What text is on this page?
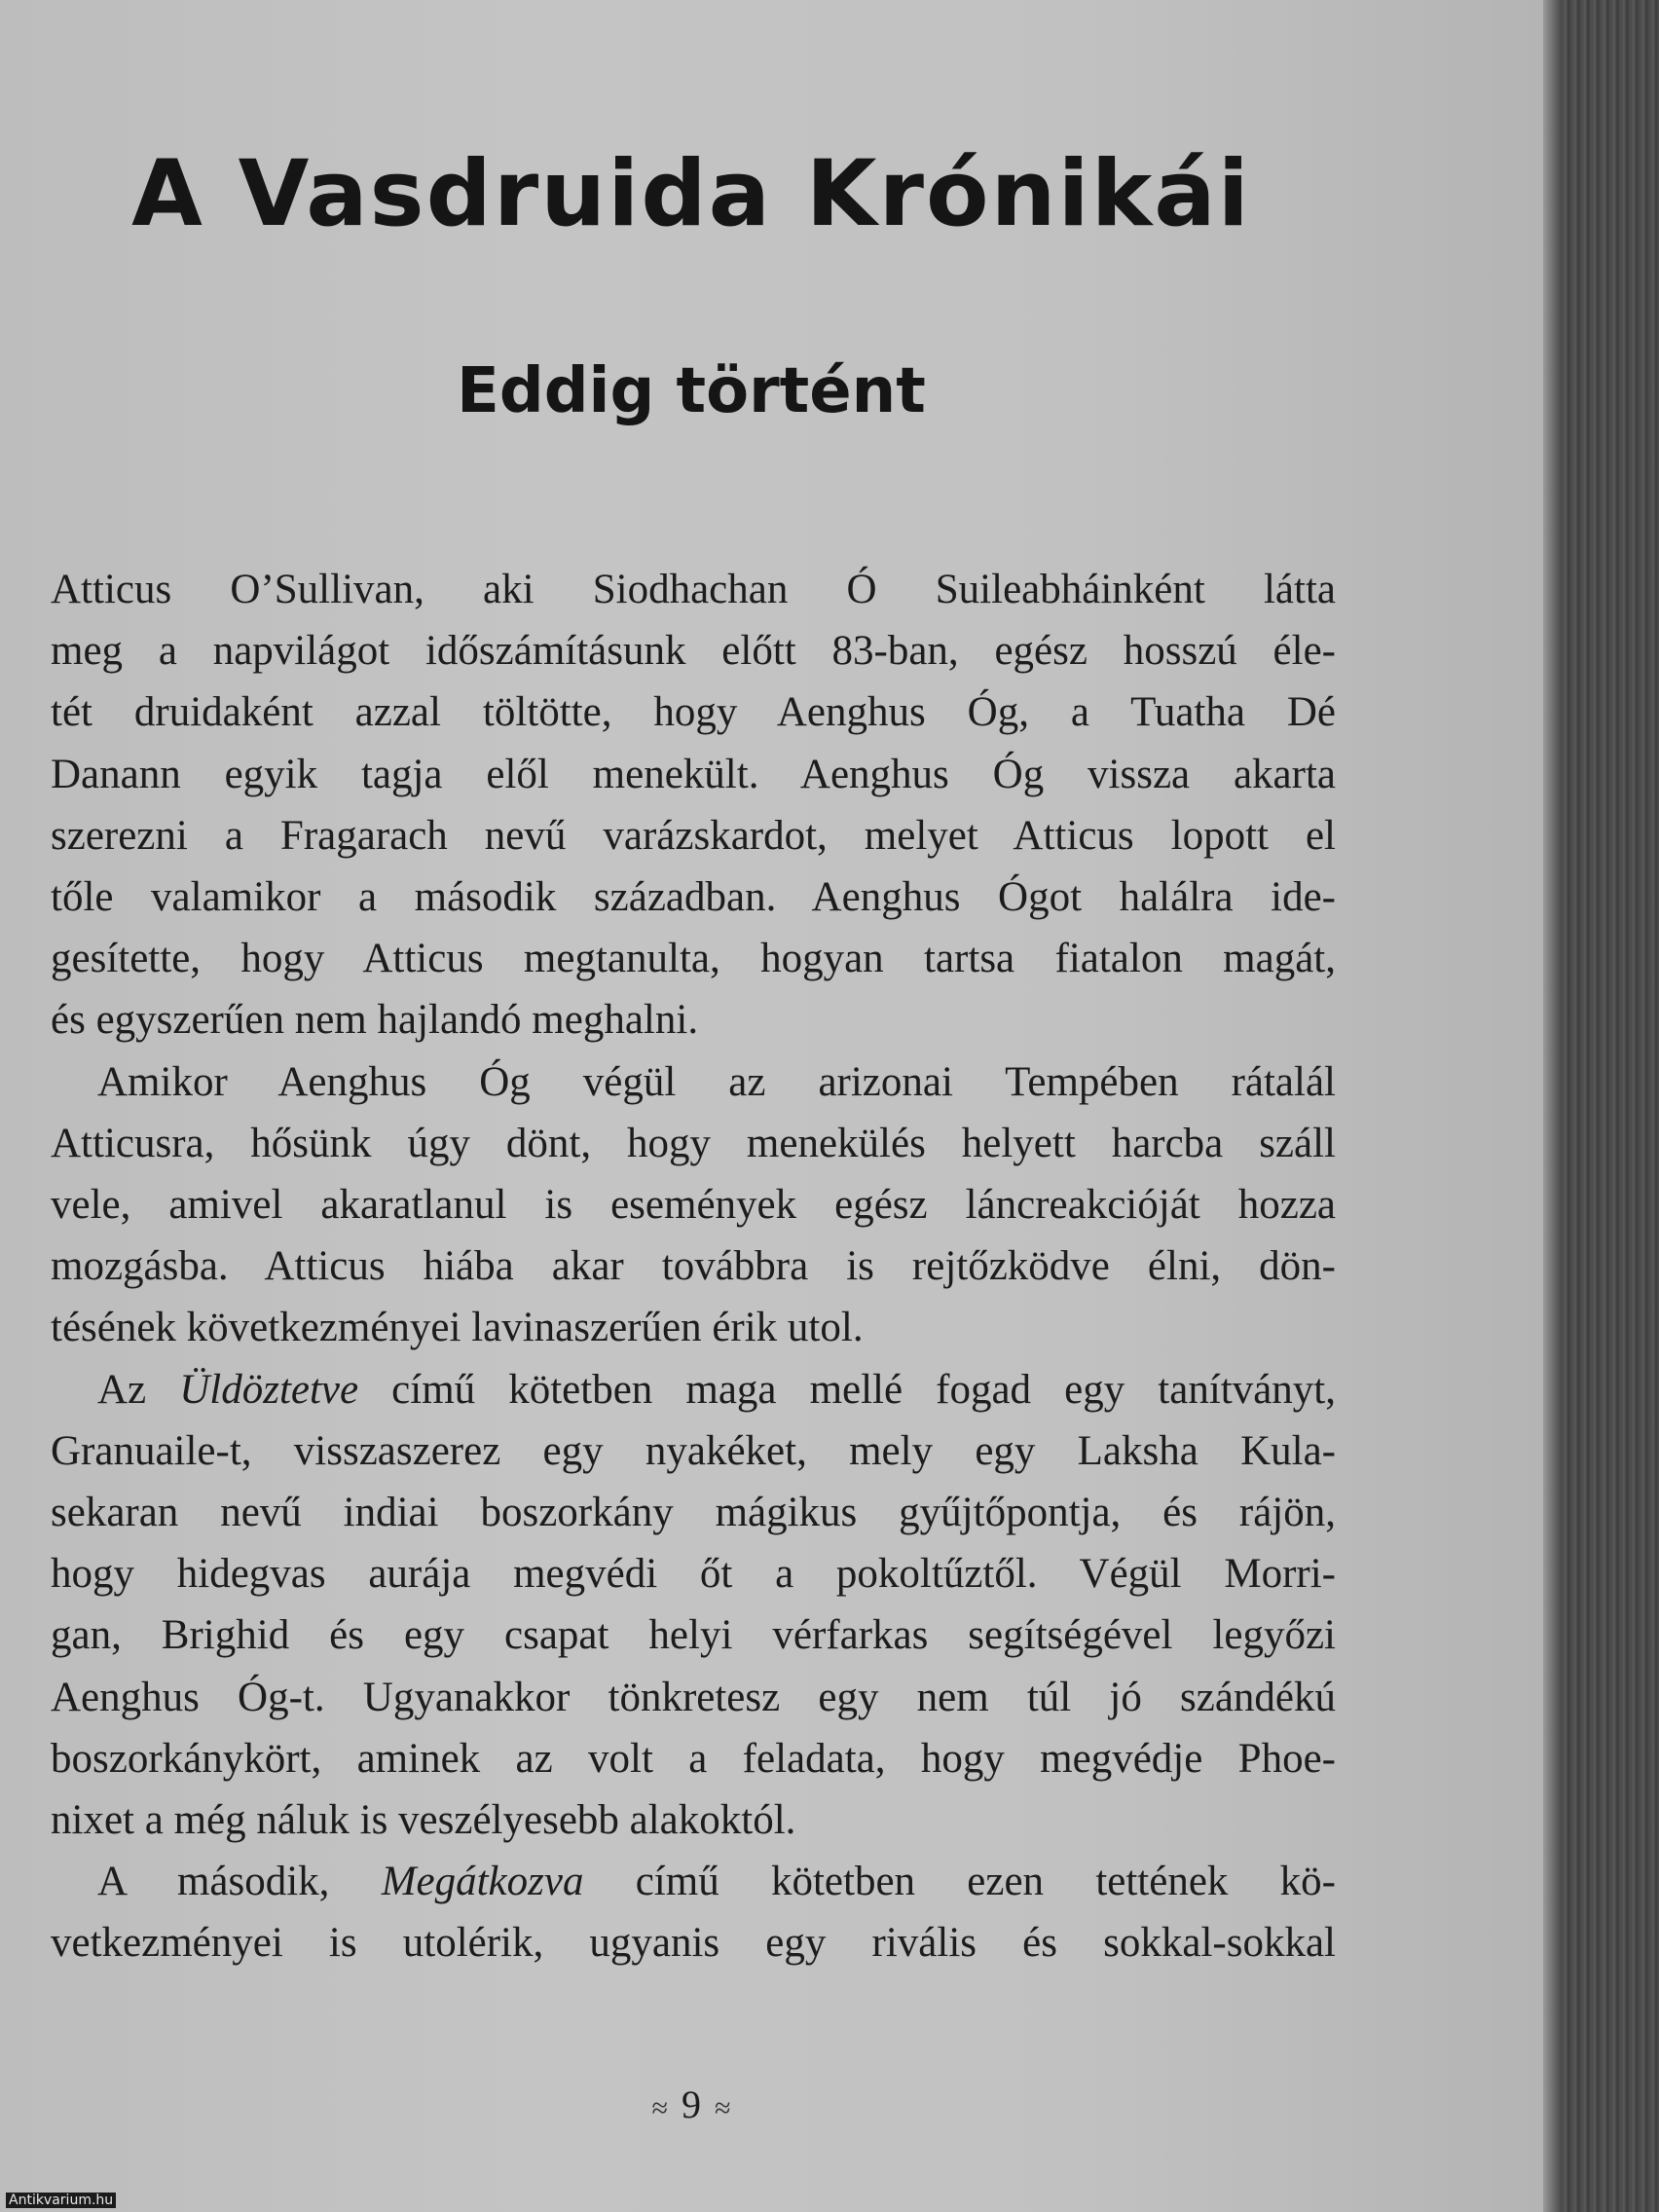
A Vasdruida Krónikái
Eddig történt

Atticus O’Sullivan, aki Siodhachan Ó Suileabháinként látta
meg a napvilágot időszámításunk előtt 83-ban, egész hosszú éle-
tét druidaként azzal töltötte, hogy Aenghus Óg, a Tuatha Dé
Danann egyik tagja elől menekült. Aenghus Óg vissza akarta
szerezni a Fragarach nevű varázskardot, melyet Atticus lopott el
tőle valamikor a második században. Aenghus Ógot halálra ide-
gesítette, hogy Atticus megtanulta, hogyan tartsa fiatalon magát,
és egyszerűen nem hajlandó meghalni.

Amikor Aenghus Óg végül az arizonai Tempében rátalál
Atticusra, hősünk úgy dönt, hogy menekülés helyett harcba száll
vele, amivel akaratlanul is események egész láncreakcióját hozza
mozgásba. Atticus hiába akar továbbra is rejtőzködve élni, dön-
tésének következményei lavinaszerűen érik utol.

Az Üldöztetve című kötetben maga mellé fogad egy tanítványt,
Granuaile-t, visszaszerez egy nyakéket, mely egy Laksha Kula-
sekaran nevű indiai boszorkány mágikus gyűjtőpontja, és rájön,
hogy hidegvas aurája megvédi őt a pokoltűztől. Végül Morri-
gan, Brighid és egy csapat helyi vérfarkas segítségével legyőzi
Aenghus Óg-t. Ugyanakkor tönkretesz egy nem túl jó szándékú
boszorkánykört, aminek az volt a feladata, hogy megvédje Phoe-
nixet a még náluk is veszélyesebb alakoktól.

A második, Megátkozva című kötetben ezen tettének kö-
vetkezményei is utolérik, ugyanis egy rivális és sokkal-sokkal

≈ 9 ≈
Antikvarium.hu
